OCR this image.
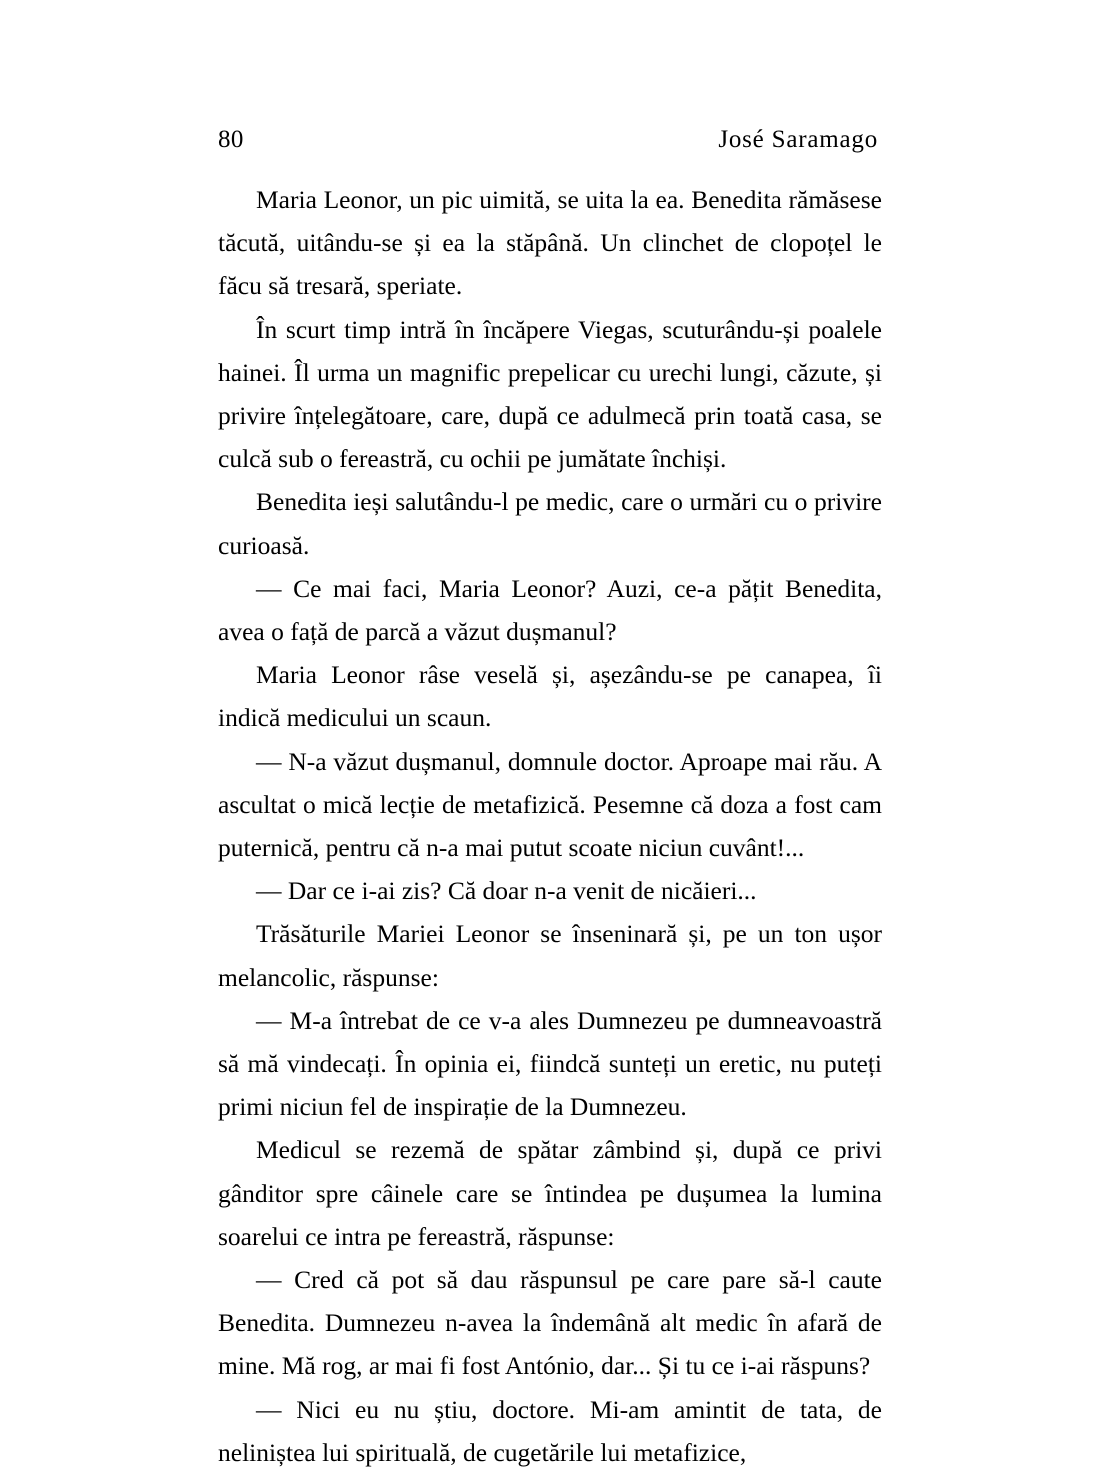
80	José Saramago

Maria Leonor, un pic uimită, se uita la ea. Benedita rămăsese tăcută, uitându-se și ea la stăpână. Un clinchet de clopoțel le făcu să tresară, speriate.

În scurt timp intră în încăpere Viegas, scuturându-și poalele hainei. Îl urma un magnific prepelicar cu urechi lungi, căzute, și privire înțelegătoare, care, după ce adulmecă prin toată casa, se culcă sub o fereastră, cu ochii pe jumătate închiși.

Benedita ieși salutându-l pe medic, care o urmări cu o privire curioasă.

— Ce mai faci, Maria Leonor? Auzi, ce-a pățit Benedita, avea o față de parcă a văzut dușmanul?

Maria Leonor râse veselă și, așezându-se pe canapea, îi indică medicului un scaun.

— N-a văzut dușmanul, domnule doctor. Aproape mai rău. A ascultat o mică lecție de metafizică. Pesemne că doza a fost cam puternică, pentru că n-a mai putut scoate niciun cuvânt!...

— Dar ce i-ai zis? Că doar n-a venit de nicăieri...

Trăsăturile Mariei Leonor se înseninară și, pe un ton ușor melancolic, răspunse:

— M-a întrebat de ce v-a ales Dumnezeu pe dumneavoastră să mă vindecați. În opinia ei, fiindcă sunteți un eretic, nu puteți primi niciun fel de inspirație de la Dumnezeu.

Medicul se rezemă de spătar zâmbind și, după ce privi gânditor spre câinele care se întindea pe dușumea la lumina soarelui ce intra pe fereastră, răspunse:

— Cred că pot să dau răspunsul pe care pare să-l caute Benedita. Dumnezeu n-avea la îndemână alt medic în afară de mine. Mă rog, ar mai fi fost António, dar... Și tu ce i-ai răspuns?

— Nici eu nu știu, doctore. Mi-am amintit de tata, de neliniștea lui spirituală, de cugetările lui metafizice,
